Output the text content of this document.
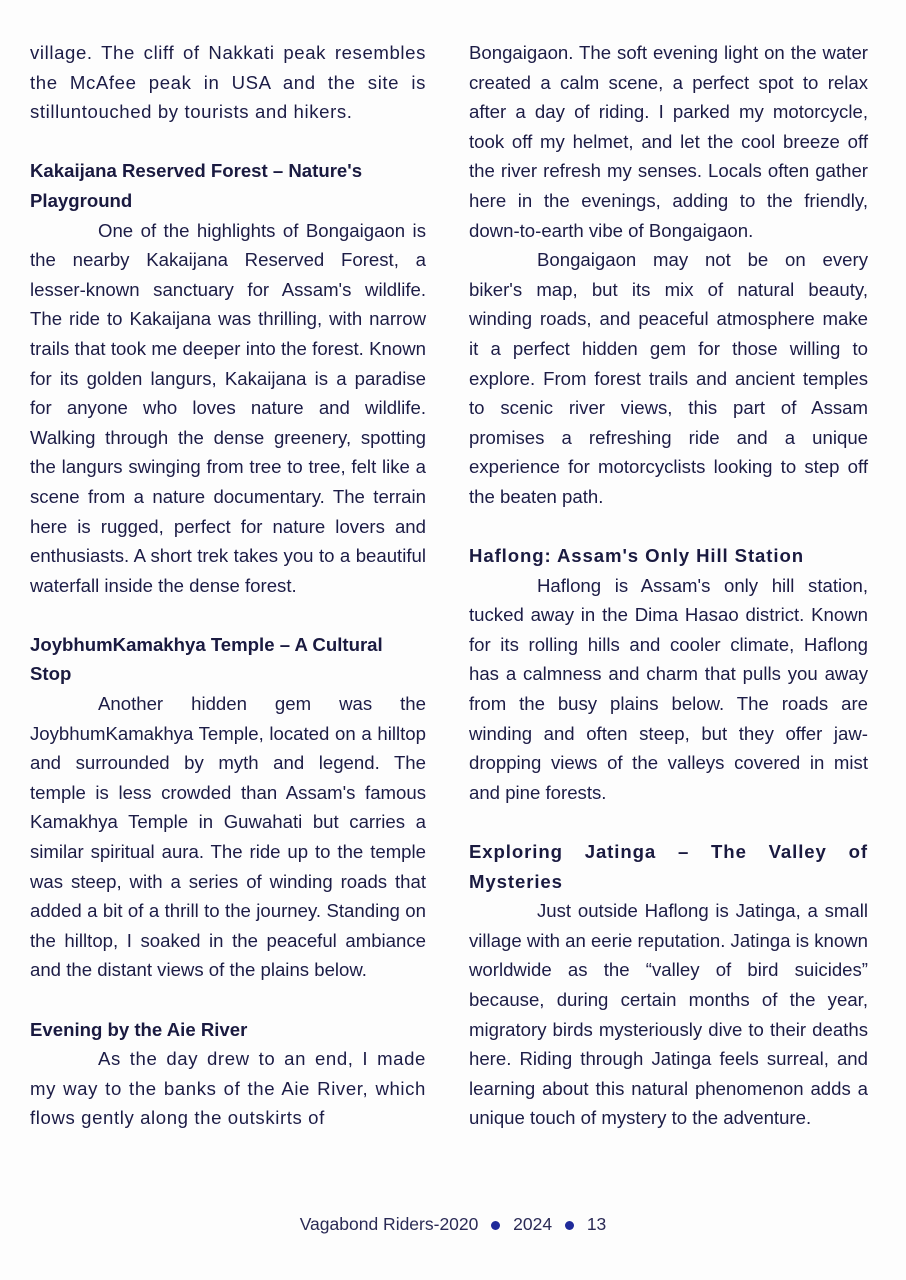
village. The cliff of Nakkati peak resembles the McAfee peak in USA and the site is stilluntouched by tourists and hikers.

Kakaijana Reserved Forest – Nature's Playground

One of the highlights of Bongaigaon is the nearby Kakaijana Reserved Forest, a lesser-known sanctuary for Assam's wildlife. The ride to Kakaijana was thrilling, with narrow trails that took me deeper into the forest. Known for its golden langurs, Kakaijana is a paradise for anyone who loves nature and wildlife. Walking through the dense greenery, spotting the langurs swinging from tree to tree, felt like a scene from a nature documentary. The terrain here is rugged, perfect for nature lovers and enthusiasts. A short trek takes you to a beautiful waterfall inside the dense forest.

JoybhumKamakhya Temple – A Cultural Stop

Another hidden gem was the JoybhumKamakhya Temple, located on a hilltop and surrounded by myth and legend. The temple is less crowded than Assam's famous Kamakhya Temple in Guwahati but carries a similar spiritual aura. The ride up to the temple was steep, with a series of winding roads that added a bit of a thrill to the journey. Standing on the hilltop, I soaked in the peaceful ambiance and the distant views of the plains below.

Evening by the Aie River

As the day drew to an end, I made my way to the banks of the Aie River, which flows gently along the outskirts of

Bongaigaon. The soft evening light on the water created a calm scene, a perfect spot to relax after a day of riding. I parked my motorcycle, took off my helmet, and let the cool breeze off the river refresh my senses. Locals often gather here in the evenings, adding to the friendly, down-to-earth vibe of Bongaigaon.

Bongaigaon may not be on every biker's map, but its mix of natural beauty, winding roads, and peaceful atmosphere make it a perfect hidden gem for those willing to explore. From forest trails and ancient temples to scenic river views, this part of Assam promises a refreshing ride and a unique experience for motorcyclists looking to step off the beaten path.

Haflong: Assam's Only Hill Station

Haflong is Assam's only hill station, tucked away in the Dima Hasao district. Known for its rolling hills and cooler climate, Haflong has a calmness and charm that pulls you away from the busy plains below. The roads are winding and often steep, but they offer jaw-dropping views of the valleys covered in mist and pine forests.

Exploring Jatinga – The Valley of Mysteries

Just outside Haflong is Jatinga, a small village with an eerie reputation. Jatinga is known worldwide as the “valley of bird suicides” because, during certain months of the year, migratory birds mysteriously dive to their deaths here. Riding through Jatinga feels surreal, and learning about this natural phenomenon adds a unique touch of mystery to the adventure.

Vagabond Riders-2020 2024 13
